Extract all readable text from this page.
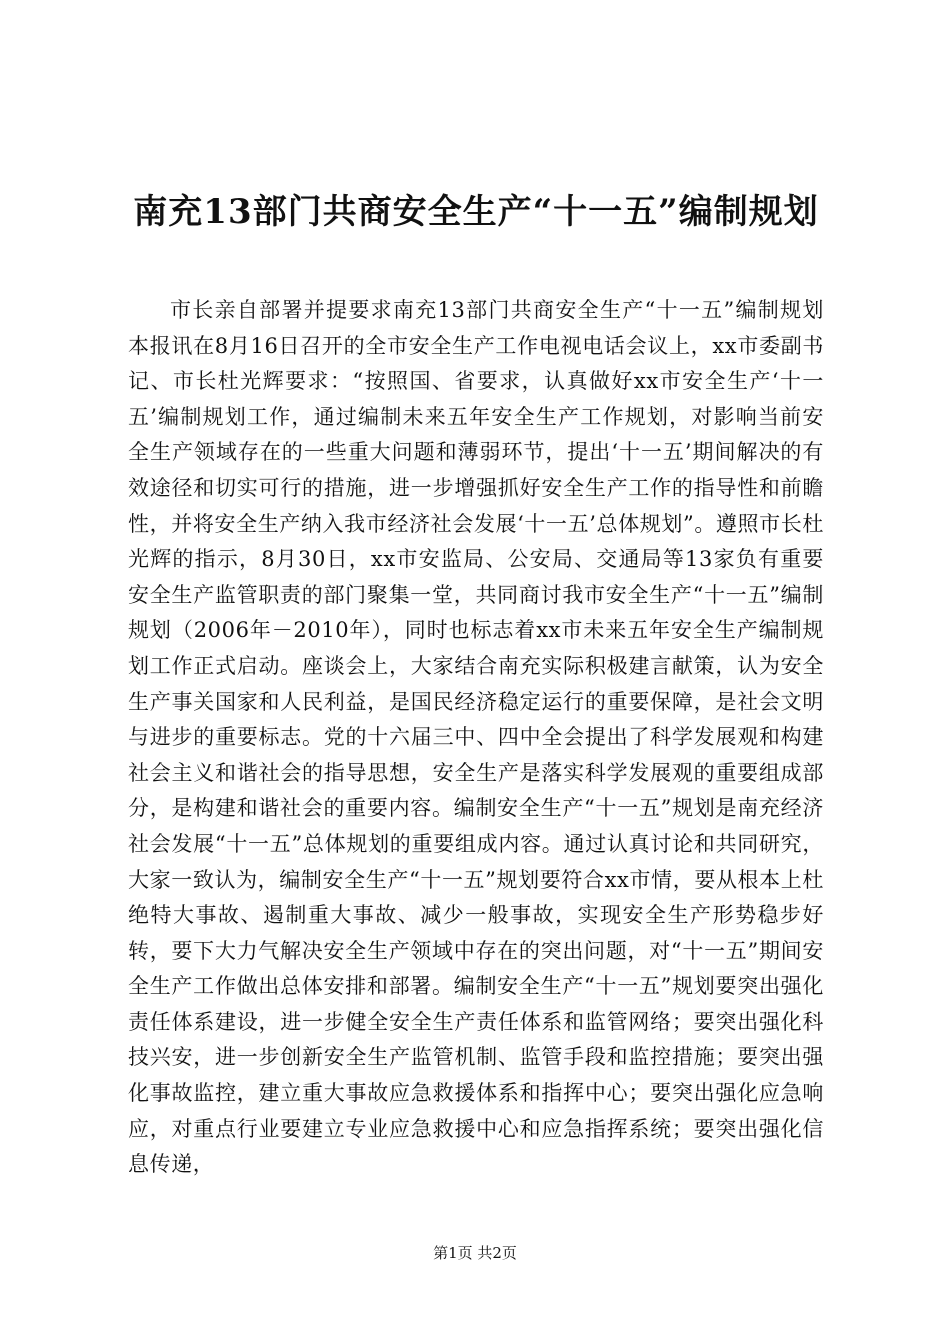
南充13部门共商安全生产“十一五”编制规划

市长亲自部署并提要求南充13部门共商安全生产“十一五”编制规划本报讯在8月16日召开的全市安全生产工作电视电话会议上，xx市委副书记、市长杜光辉要求：“按照国、省要求，认真做好xx市安全生产‘十一五’编制规划工作，通过编制未来五年安全生产工作规划，对影响当前安全生产领域存在的一些重大问题和薄弱环节，提出‘十一五’期间解决的有效途径和切实可行的措施，进一步增强抓好安全生产工作的指导性和前瞻性，并将安全生产纳入我市经济社会发展‘十一五’总体规划”。遵照市长杜光辉的指示，8月30日，xx市安监局、公安局、交通局等13家负有重要安全生产监管职责的部门聚集一堂，共同商讨我市安全生产“十一五”编制规划（2006年－2010年），同时也标志着xx市未来五年安全生产编制规划工作正式启动。座谈会上，大家结合南充实际积极建言献策，认为安全生产事关国家和人民利益，是国民经济稳定运行的重要保障，是社会文明与进步的重要标志。党的十六届三中、四中全会提出了科学发展观和构建社会主义和谐社会的指导思想，安全生产是落实科学发展观的重要组成部分，是构建和谐社会的重要内容。编制安全生产“十一五”规划是南充经济社会发展“十一五”总体规划的重要组成内容。通过认真讨论和共同研究，大家一致认为，编制安全生产“十一五”规划要符合xx市情，要从根本上杜绝特大事故、遏制重大事故、减少一般事故，实现安全生产形势稳步好转，要下大力气解决安全生产领域中存在的突出问题，对“十一五”期间安全生产工作做出总体安排和部署。编制安全生产“十一五”规划要突出强化责任体系建设，进一步健全安全生产责任体系和监管网络；要突出强化科技兴安，进一步创新安全生产监管机制、监管手段和监控措施；要突出强化事故监控，建立重大事故应急救援体系和指挥中心；要突出强化应急响应，对重点行业要建立专业应急救援中心和应急指挥系统；要突出强化信息传递，

第1页 共2页
